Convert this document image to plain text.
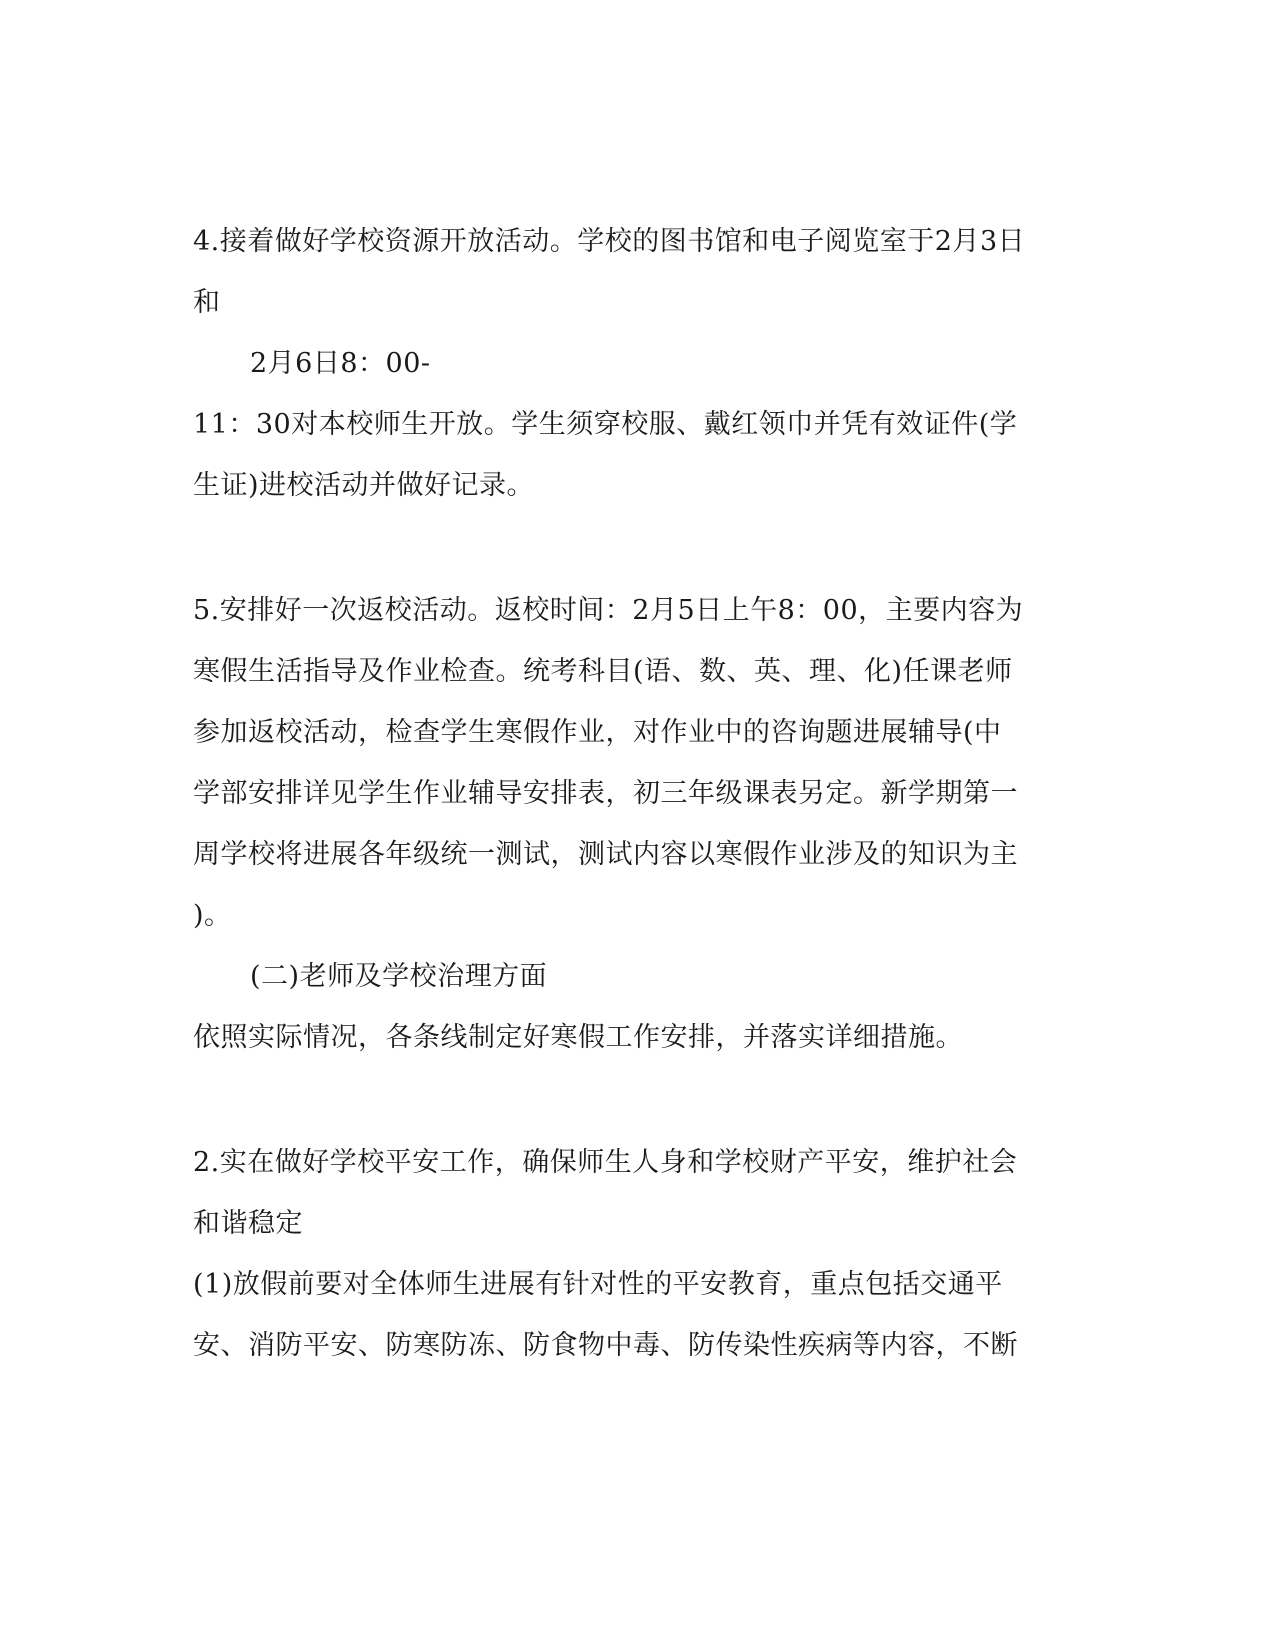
4.接着做好学校资源开放活动。学校的图书馆和电子阅览室于2月3日
和
2月6日8：00-
11：30对本校师生开放。学生须穿校服、戴红领巾并凭有效证件(学
生证)进校活动并做好记录。
5.安排好一次返校活动。返校时间：2月5日上午8：00，主要内容为
寒假生活指导及作业检查。统考科目(语、数、英、理、化)任课老师
参加返校活动，检查学生寒假作业，对作业中的咨询题进展辅导(中
学部安排详见学生作业辅导安排表，初三年级课表另定。新学期第一
周学校将进展各年级统一测试，测试内容以寒假作业涉及的知识为主
)。
(二)老师及学校治理方面
依照实际情况，各条线制定好寒假工作安排，并落实详细措施。
2.实在做好学校平安工作，确保师生人身和学校财产平安，维护社会
和谐稳定
(1)放假前要对全体师生进展有针对性的平安教育，重点包括交通平
安、消防平安、防寒防冻、防食物中毒、防传染性疾病等内容，不断
